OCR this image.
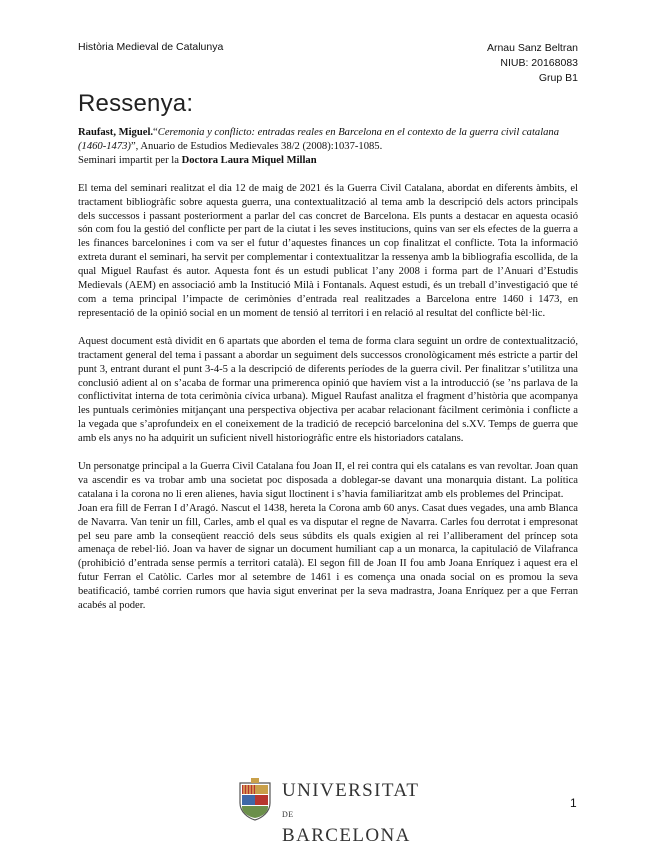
Història Medieval de Catalunya	Arnau Sanz Beltran
NIUB: 20168083
Grup B1
Ressenya:

Raufast, Miguel.“Ceremonia y conflicto: entradas reales en Barcelona en el contexto de la guerra civil catalana (1460-1473)”, Anuario de Estudios Medievales 38/2 (2008):1037-1085.

Seminari impartit per la Doctora Laura Miquel Millan

El tema del seminari realitzat el dia 12 de maig de 2021 és la Guerra Civil Catalana, abordat en diferents àmbits, el tractament bibliogràfic sobre aquesta guerra, una contextualització al tema amb la descripció dels actors principals dels successos i passant posteriorment a parlar del cas concret de Barcelona. Els punts a destacar en aquesta ocasió són com fou la gestió del conflicte per part de la ciutat i les seves institucions, quins van ser els efectes de la guerra a les finances barcelonines i com va ser el futur d’aquestes finances un cop finalitzat el conflicte. Tota la informació extreta durant el seminari, ha servit per complementar i contextualitzar la ressenya amb la bibliografia escollida, de la qual Miguel Raufast és autor. Aquesta font és un estudi publicat l’any 2008 i forma part de l’Anuari d’Estudis Medievals (AEM) en associació amb la Institució Milà i Fontanals. Aquest estudi, és un treball d’investigació que té com a tema principal l’impacte de cerimònies d’entrada real realitzades a Barcelona entre 1460 i 1473, en representació de la opinió social en un moment de tensió al territori i en relació al resultat del conflicte bèl·lic.

Aquest document està dividit en 6 apartats que aborden el tema de forma clara seguint un ordre de contextualització, tractament general del tema i passant a abordar un seguiment dels successos cronològicament més estricte a partir del punt 3, entrant durant el punt 3-4-5 a la descripció de diferents períodes de la guerra civil. Per finalitzar s’utilitza una conclusió adient al on s’acaba de formar una primerenca opinió que havíem vist a la introducció (se ’ns parlava de la conflictivitat interna de tota cerimònia cívica urbana). Miguel Raufast analitza el fragment d’història que acompanya les puntuals cerimònies mitjançant una perspectiva objectiva per acabar relacionant fàcilment cerimònia i conflicte a la vegada que s’aprofundeix en el coneixement de la tradició de recepció barcelonina del s.XV. Temps de guerra que amb els anys no ha adquirit un suficient nivell historiogràfic entre els historiadors catalans.

Un personatge principal a la Guerra Civil Catalana fou Joan II, el rei contra qui els catalans es van revoltar. Joan quan va ascendir es va trobar amb una societat poc disposada a doblegar-se davant una monarquia distant. La política catalana i la corona no li eren alienes, havia sigut lloctinent i s’havia familiaritzat amb els problemes del Principat.

Joan era fill de Ferran I d’Aragó. Nascut el 1438, hereta la Corona amb 60 anys. Casat dues vegades, una amb Blanca de Navarra. Van tenir un fill, Carles, amb el qual es va disputar el regne de Navarra. Carles fou derrotat i empresonat pel seu pare amb la conseqüent reacció dels seus súbdits els quals exigien al rei l’alliberament del príncep sota amenaça de rebel·lió. Joan va haver de signar un document humiliant cap a un monarca, la capitulació de Vilafranca (prohibició d’entrada sense permís a territori català). El segon fill de Joan II fou amb Joana Enríquez i aquest era el futur Ferran el Catòlic. Carles mor al setembre de 1461 i es comença una onada social on es promou la seva beatificació, també corrien rumors que havia sigut enverinat per la seva madrastra, Joana Enríquez per a que Ferran acabés al poder.

UNIVERSITAT DE
BARCELONA
1
